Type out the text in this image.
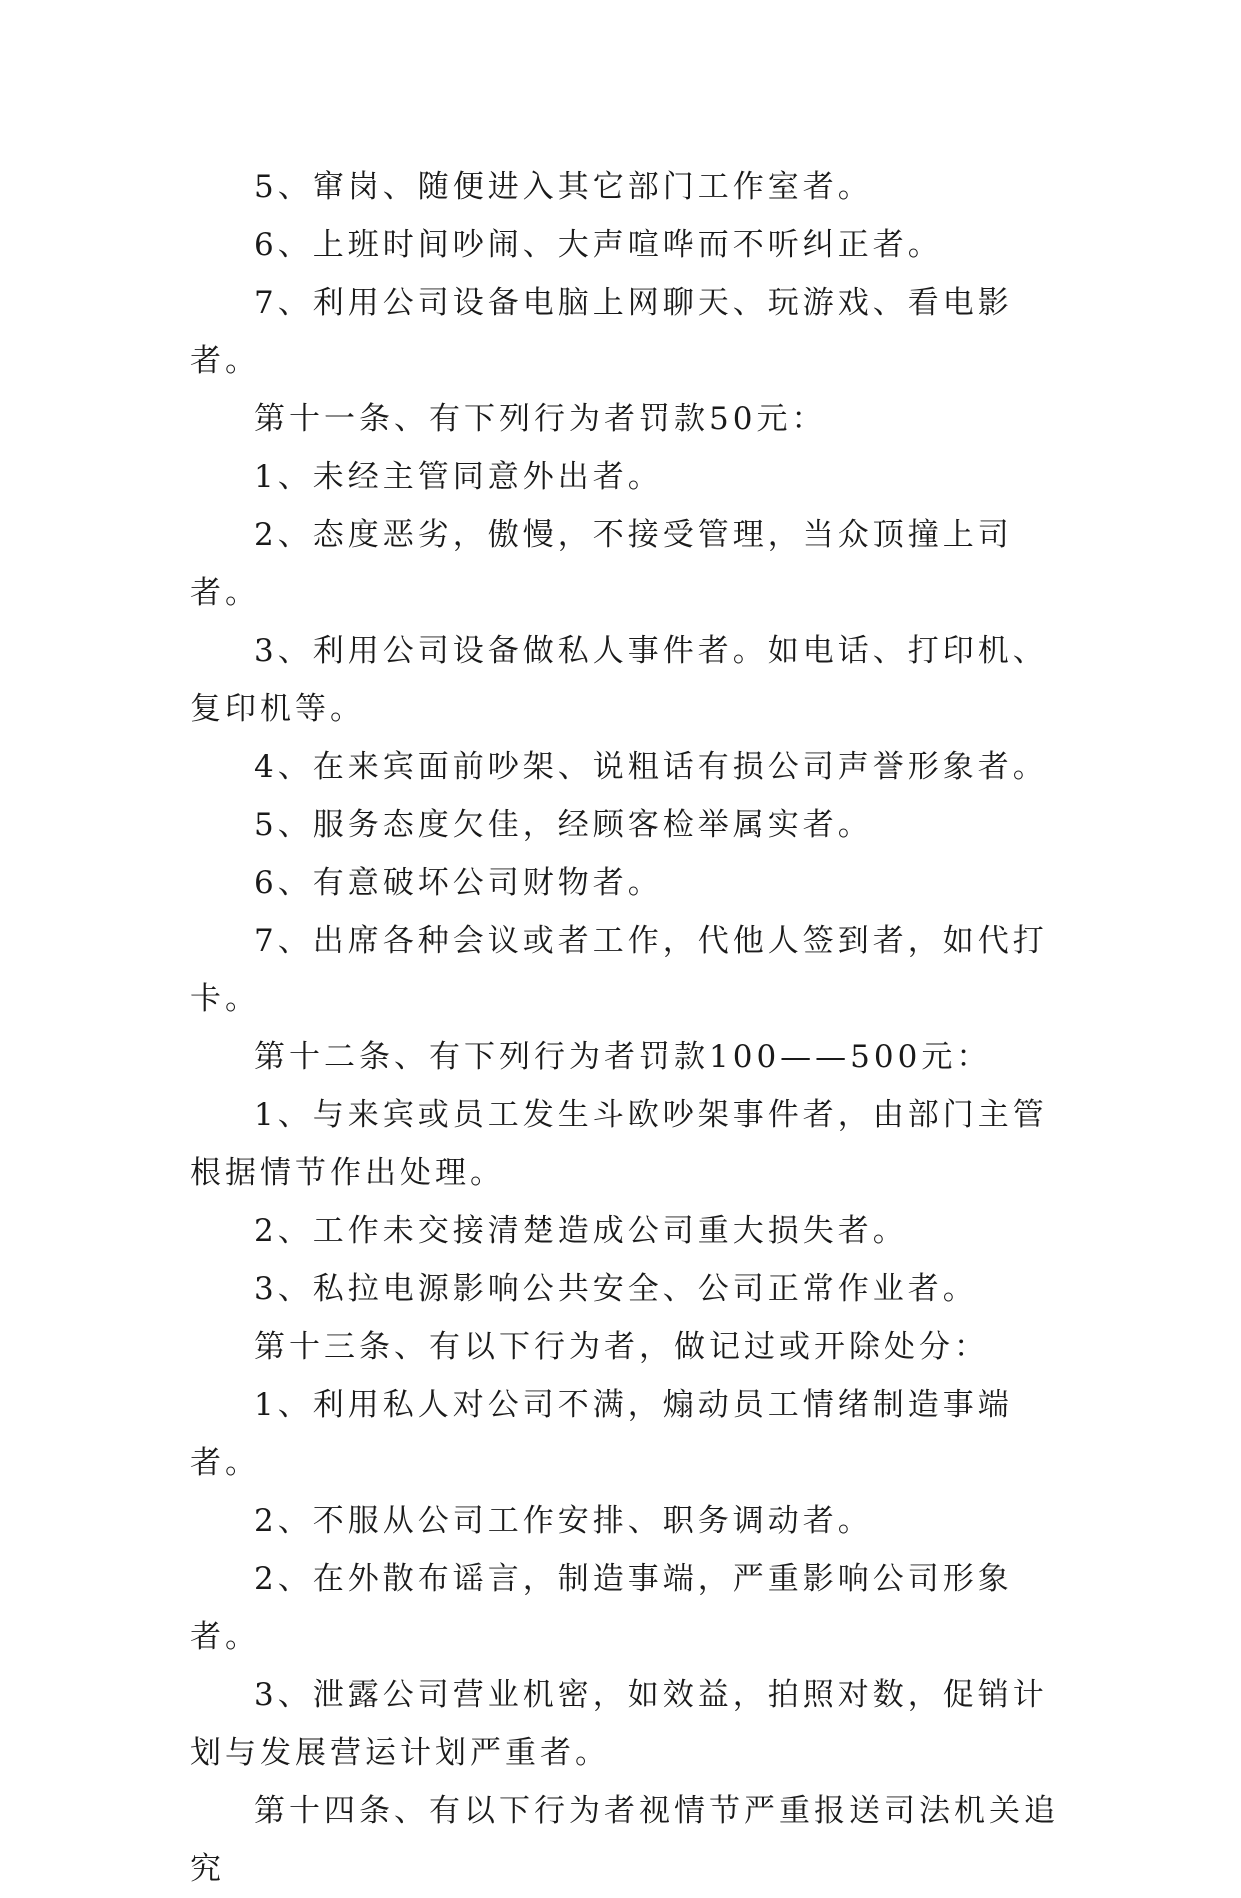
5、窜岗、随便进入其它部门工作室者。

6、上班时间吵闹、大声喧哗而不听纠正者。

7、利用公司设备电脑上网聊天、玩游戏、看电影者。

第十一条、有下列行为者罚款50元：

1、未经主管同意外出者。

2、态度恶劣，傲慢，不接受管理，当众顶撞上司者。

3、利用公司设备做私人事件者。如电话、打印机、复印机等。

4、在来宾面前吵架、说粗话有损公司声誉形象者。

5、服务态度欠佳，经顾客检举属实者。

6、有意破坏公司财物者。

7、出席各种会议或者工作，代他人签到者，如代打卡。

第十二条、有下列行为者罚款100——500元：

1、与来宾或员工发生斗欧吵架事件者，由部门主管根据情节作出处理。

2、工作未交接清楚造成公司重大损失者。

3、私拉电源影响公共安全、公司正常作业者。

第十三条、有以下行为者，做记过或开除处分：

1、利用私人对公司不满，煽动员工情绪制造事端者。

2、不服从公司工作安排、职务调动者。

2、在外散布谣言，制造事端，严重影响公司形象者。

3、泄露公司营业机密，如效益，拍照对数，促销计划与发展营运计划严重者。

第十四条、有以下行为者视情节严重报送司法机关追究
